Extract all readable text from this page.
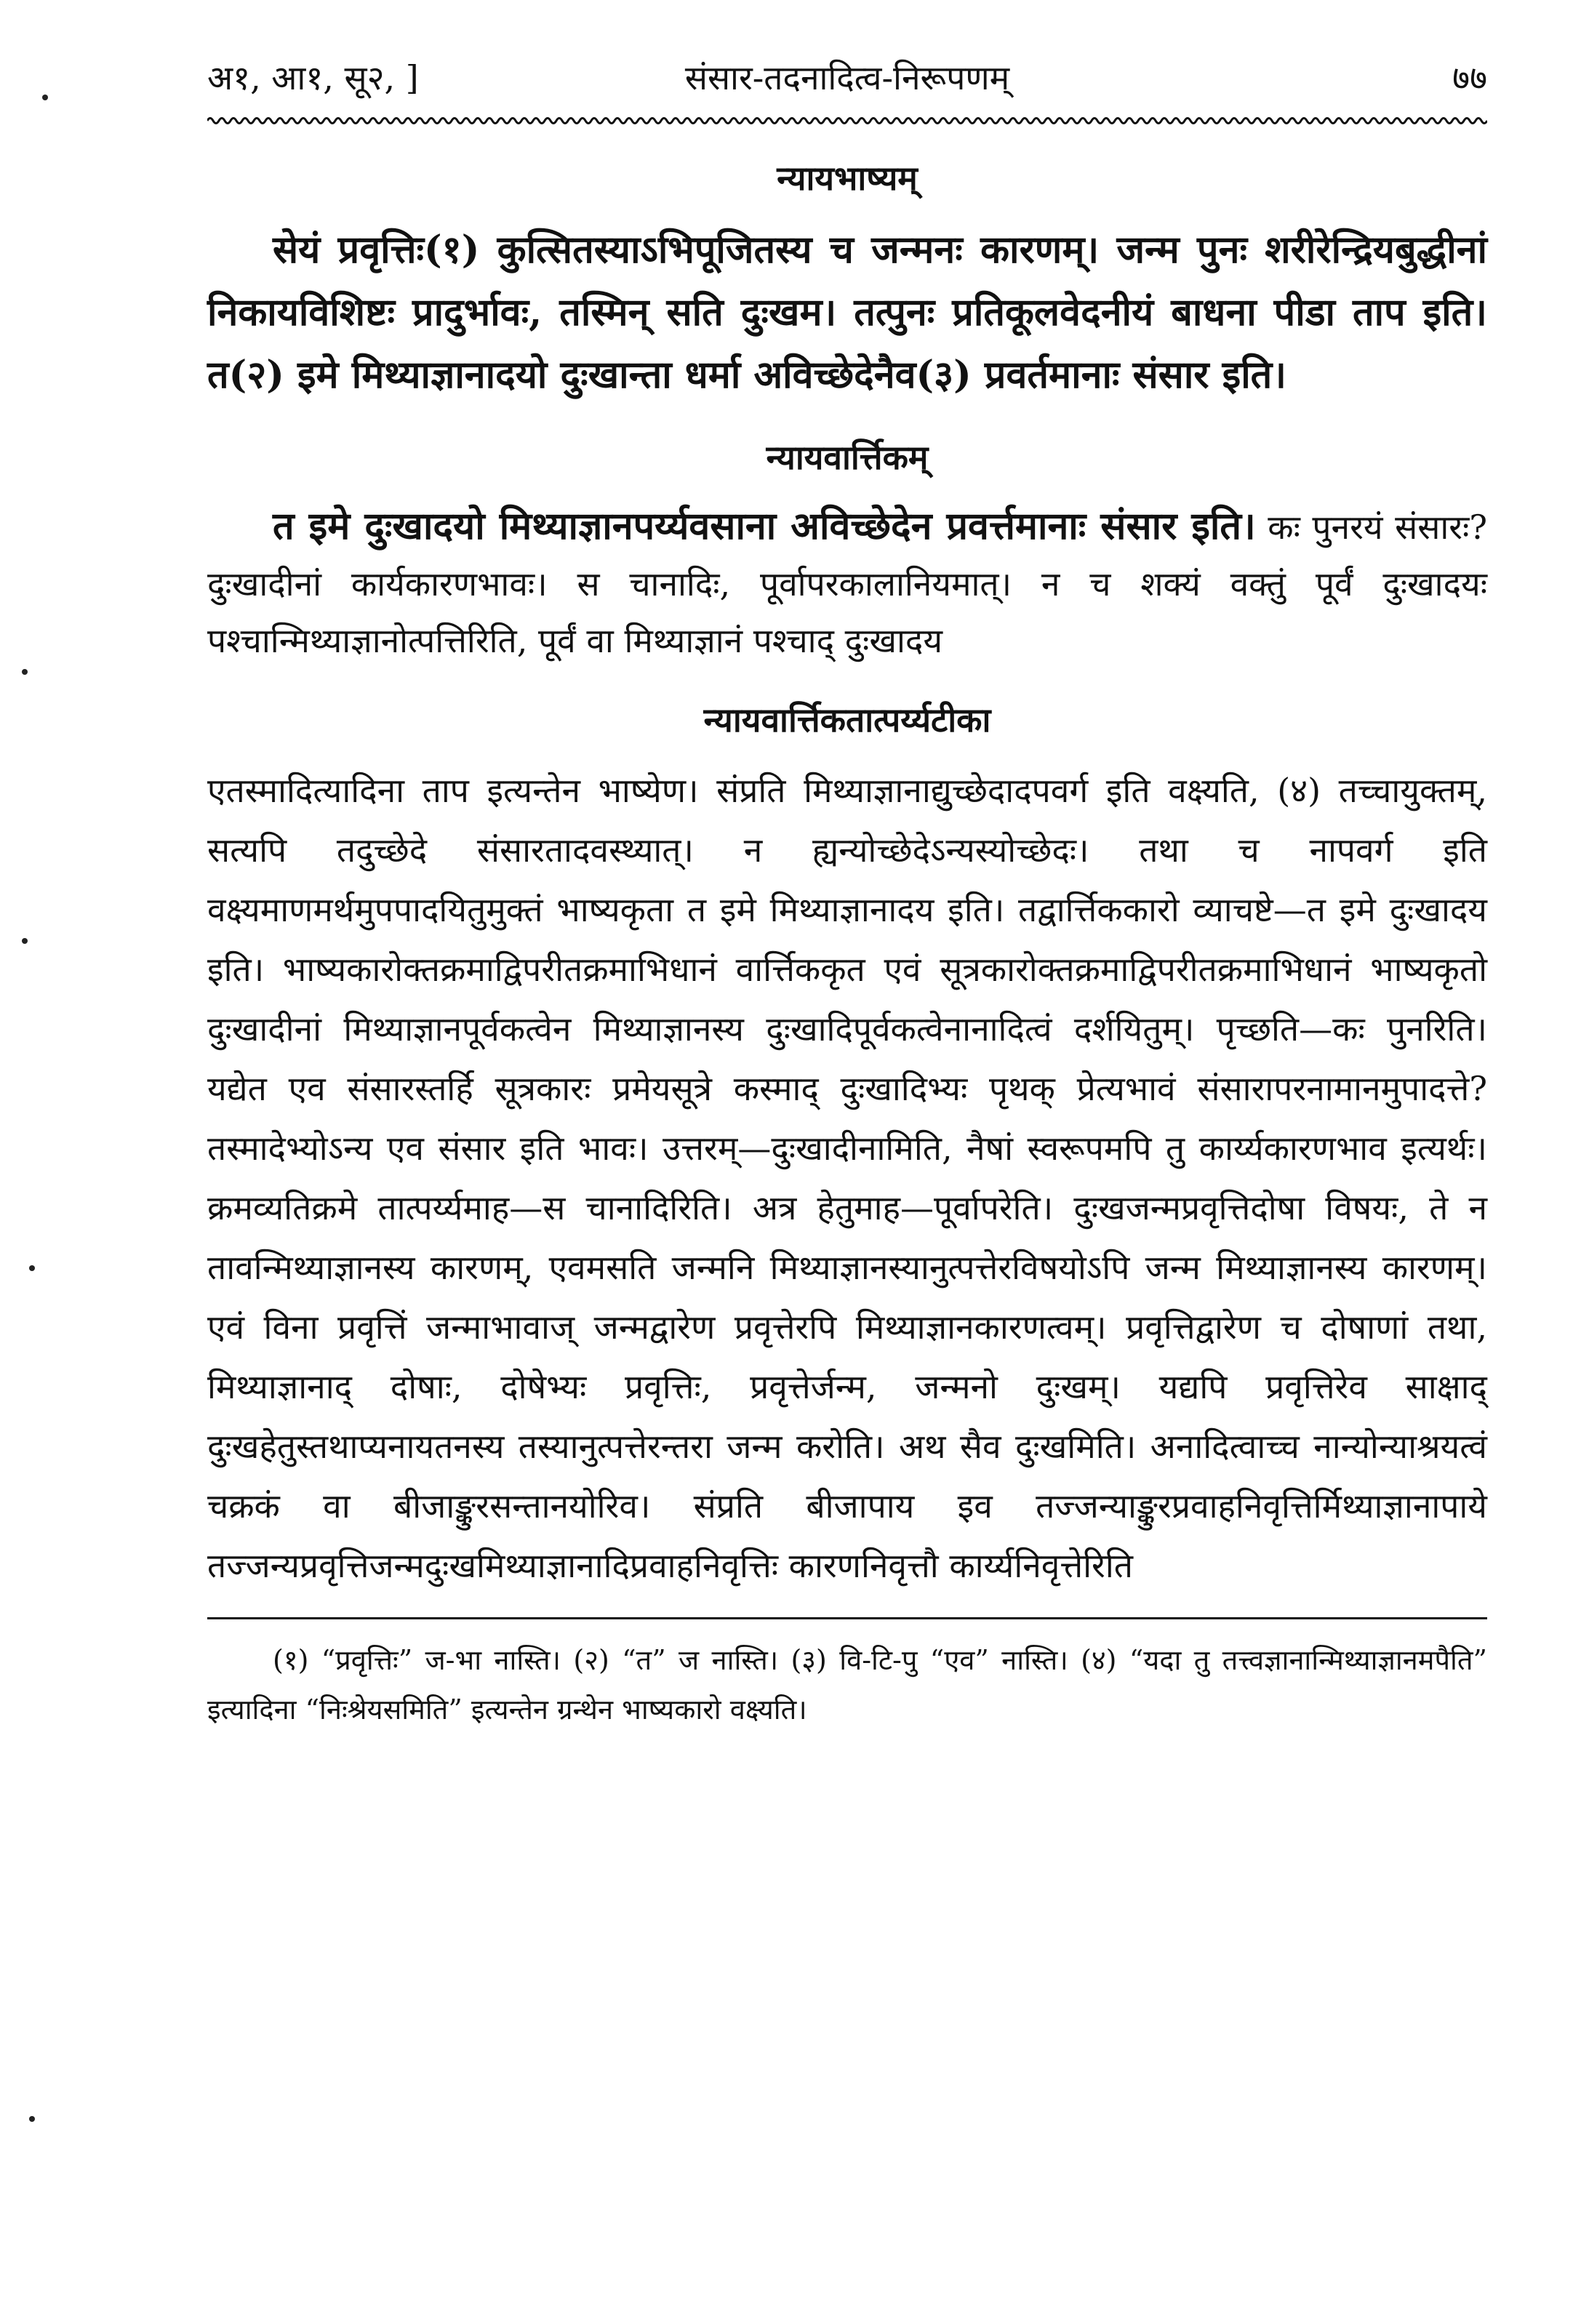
अ१, आ१, सू२, ]	संसार-तदनादित्व-निरूपणम्	७७
न्यायभाष्यम्
सेयं प्रवृत्तिः(१) कुत्सितस्याऽभिपूजितस्य च जन्मनः कारणम्। जन्म पुनः शरीरेन्द्रियबुद्धीनां निकायविशिष्टः प्रादुर्भावः, तस्मिन् सति दुःखम। तत्पुनः प्रतिकूलवेदनीयं बाधना पीडा ताप इति। त(२) इमे मिथ्याज्ञानादयो दुःखान्ता धर्मा अविच्छेदेनैव(३) प्रवर्तमानाः संसार इति।
न्यायवार्त्तिकम्
त इमे दुःखादयो मिथ्याज्ञानपर्य्यवसाना अविच्छेदेन प्रवर्त्तमानाः संसार इति। कः पुनरयं संसारः? दुःखादीनां कार्यकारणभावः। स चानादिः, पूर्वापरकालानियमात्। न च शक्यं वक्तुं पूर्वं दुःखादयः पश्चान्मिथ्याज्ञानोत्पत्तिरिति, पूर्वं वा मिथ्याज्ञानं पश्चाद् दुःखादय
न्यायवार्त्तिकतात्पर्य्यटीका
एतस्मादित्यादिना ताप इत्यन्तेन भाष्येण। संप्रति मिथ्याज्ञानाद्युच्छेदादपवर्ग इति वक्ष्यति, (४) तच्चायुक्तम्, सत्यपि तदुच्छेदे संसारतादवस्थ्यात्। न ह्यन्योच्छेदेऽन्यस्योच्छेदः। तथा च नापवर्ग इति वक्ष्यमाणमर्थमुपपादयितुमुक्तं भाष्यकृता त इमे मिथ्याज्ञानादय इति। तद्वार्त्तिककारो व्याचष्टे—त इमे दुःखादय इति। भाष्यकारोक्तक्रमाद्विपरीतक्रमाभिधानं वार्त्तिककृत एवं सूत्रकारोक्तक्रमाद्विपरीतक्रमाभिधानं भाष्यकृतो दुःखादीनां मिथ्याज्ञानपूर्वकत्वेन मिथ्याज्ञानस्य दुःखादिपूर्वकत्वेनानादित्वं दर्शयितुम्। पृच्छति—कः पुनरिति। यद्येत एव संसारस्तर्हि सूत्रकारः प्रमेयसूत्रे कस्माद् दुःखादिभ्यः पृथक् प्रेत्यभावं संसारापरनामानमुपादत्ते? तस्मादेभ्योऽन्य एव संसार इति भावः। उत्तरम्—दुःखादीनामिति, नैषां स्वरूपमपि तु कार्य्यकारणभाव इत्यर्थः। क्रमव्यतिक्रमे तात्पर्य्यमाह—स चानादिरिति। अत्र हेतुमाह—पूर्वापरेति। दुःखजन्मप्रवृत्तिदोषा विषयः, ते न तावन्मिथ्याज्ञानस्य कारणम्, एवमसति जन्मनि मिथ्याज्ञानस्यानुत्पत्तेरविषयोऽपि जन्म मिथ्याज्ञानस्य कारणम्। एवं विना प्रवृत्तिं जन्माभावाज् जन्मद्वारेण प्रवृत्तेरपि मिथ्याज्ञानकारणत्वम्। प्रवृत्तिद्वारेण च दोषाणां तथा, मिथ्याज्ञानाद् दोषाः, दोषेभ्यः प्रवृत्तिः, प्रवृत्तेर्जन्म, जन्मनो दुःखम्। यद्यपि प्रवृत्तिरेव साक्षाद् दुःखहेतुस्तथाप्यनायतनस्य तस्यानुत्पत्तेरन्तरा जन्म करोति। अथ सैव दुःखमिति। अनादित्वाच्च नान्योन्याश्रयत्वं चक्रकं वा बीजाङ्कुरसन्तानयोरिव। संप्रति बीजापाय इव तज्जन्याङ्कुरप्रवाहनिवृत्तिर्मिथ्याज्ञानापाये तज्जन्यप्रवृत्तिजन्मदुःखमिथ्याज्ञानादिप्रवाहनिवृत्तिः कारणनिवृत्तौ कार्य्यनिवृत्तेरिति
(१) “प्रवृत्तिः” ज-भा नास्ति। (२) “त” ज नास्ति। (३) वि-टि-पु “एव” नास्ति। (४) “यदा तु तत्त्वज्ञानान्मिथ्याज्ञानमपैति” इत्यादिना “निःश्रेयसमिति” इत्यन्तेन ग्रन्थेन भाष्यकारो वक्ष्यति।
